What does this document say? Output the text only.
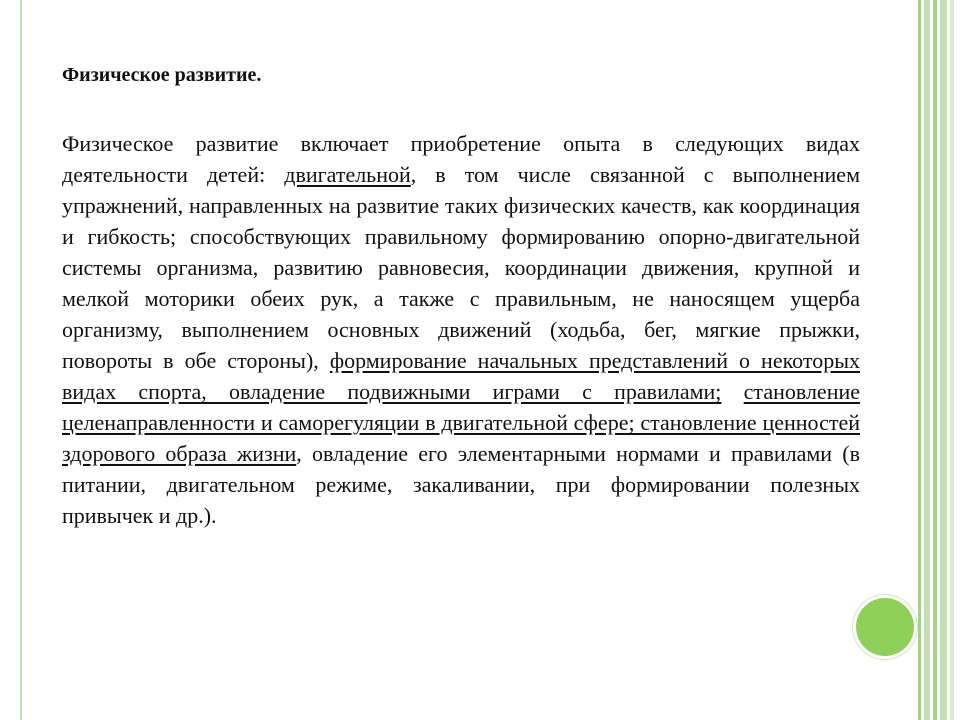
Физическое развитие.

Физическое развитие включает приобретение опыта в следующих видах деятельности детей: двигательной, в том числе связанной с выполнением упражнений, направленных на развитие таких физических качеств, как координация и гибкость; способствующих правильному формированию опорно-двигательной системы организма, развитию равновесия, координации движения, крупной и мелкой моторики обеих рук, а также с правильным, не наносящем ущерба организму, выполнением основных движений (ходьба, бег, мягкие прыжки, повороты в обе стороны), формирование начальных представлений о некоторых видах спорта, овладение подвижными играми с правилами; становление целенаправленности и саморегуляции в двигательной сфере; становление ценностей здорового образа жизни, овладение его элементарными нормами и правилами (в питании, двигательном режиме, закаливании, при формировании полезных привычек и др.).
